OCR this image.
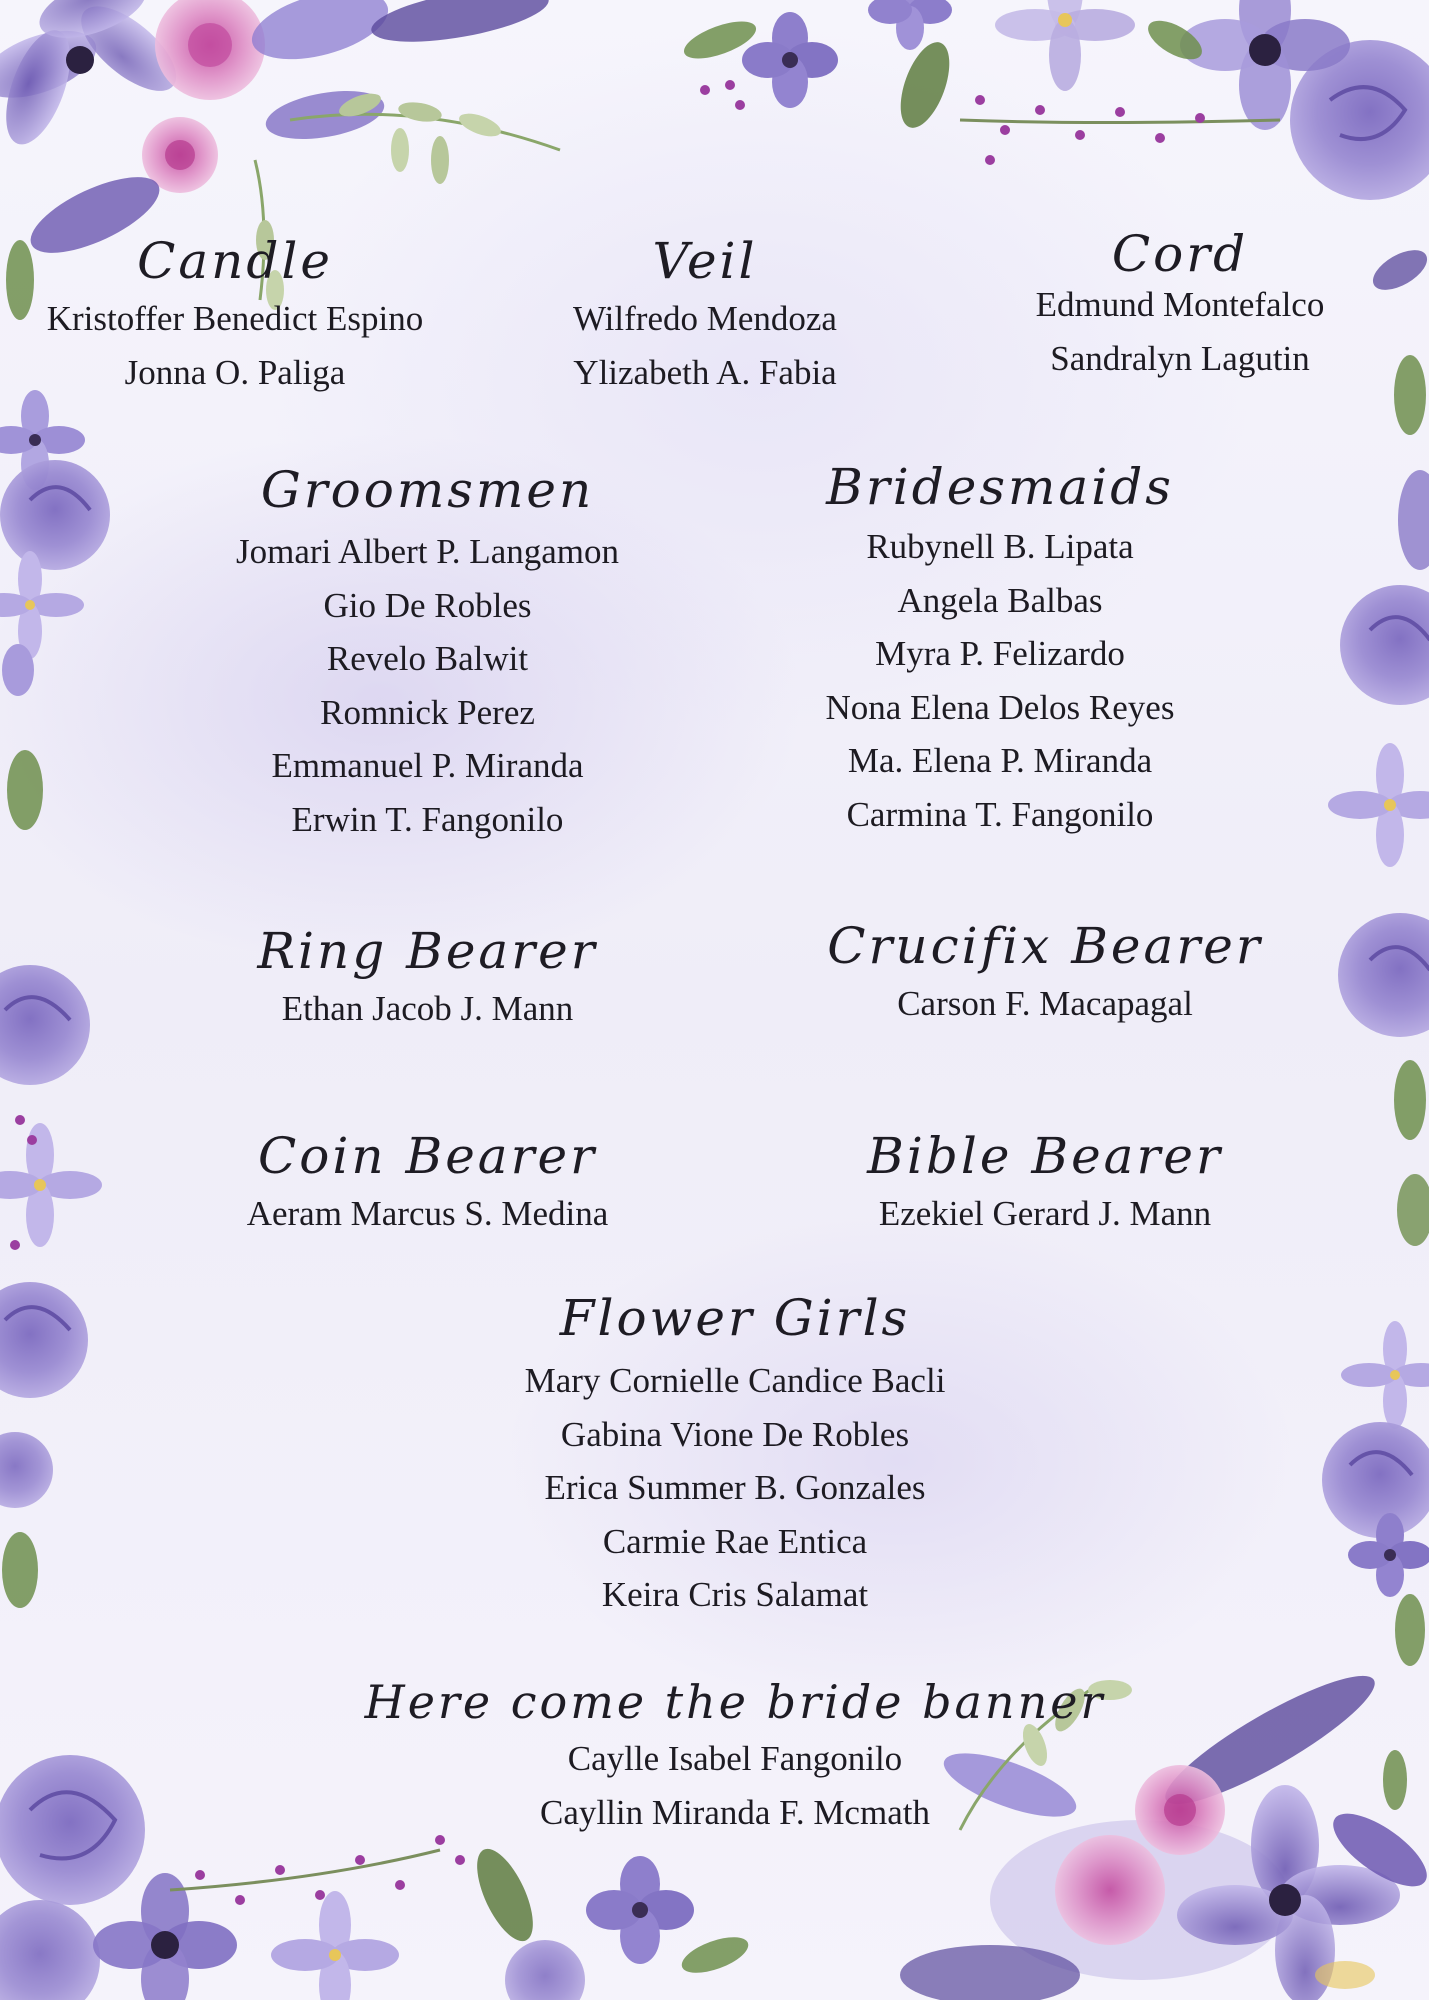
Candle
Kristoffer Benedict Espino
Jonna O. Paliga
Veil
Wilfredo Mendoza
Ylizabeth A. Fabia
Cord
Edmund Montefalco
Sandralyn Lagutin
Groomsmen
Jomari Albert P. Langamon
Gio De Robles
Revelo Balwit
Romnick Perez
Emmanuel P. Miranda
Erwin T. Fangonilo
Bridesmaids
Rubynell B. Lipata
Angela Balbas
Myra P. Felizardo
Nona Elena Delos Reyes
Ma. Elena P. Miranda
Carmina T. Fangonilo
Ring Bearer
Ethan Jacob J. Mann
Crucifix Bearer
Carson F. Macapagal
Coin Bearer
Aeram Marcus S. Medina
Bible Bearer
Ezekiel Gerard J. Mann
Flower Girls
Mary Cornielle Candice Bacli
Gabina Vione De Robles
Erica Summer B. Gonzales
Carmie Rae Entica
Keira Cris Salamat
Here come the bride banner
Caylle Isabel Fangonilo
Cayllin Miranda F. Mcmath
